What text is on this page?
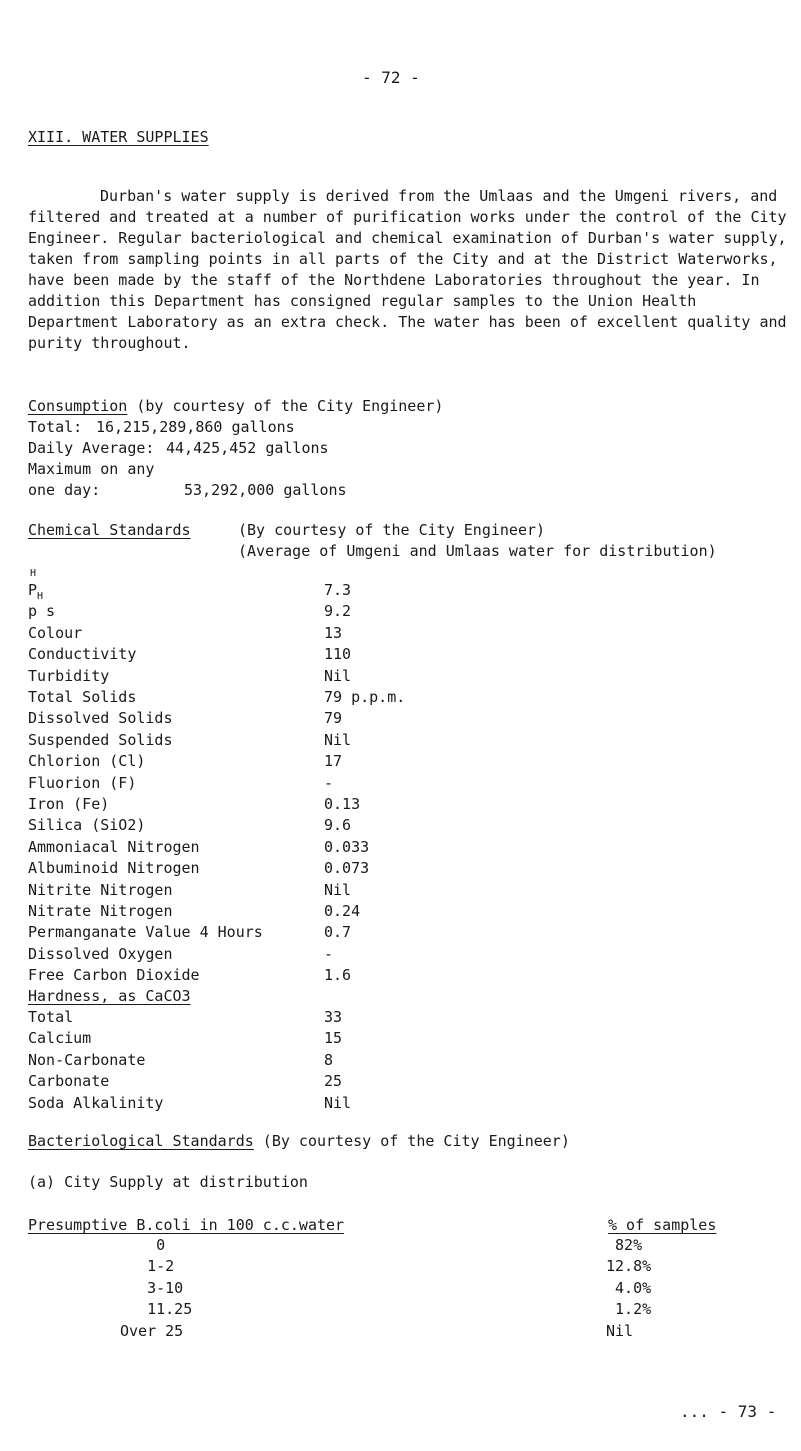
- 72 -
XIII. WATER SUPPLIES
Durban's water supply is derived from the Umlaas and the Umgeni rivers, and filtered and treated at a number of purification works under the control of the City Engineer. Regular bacteriological and chemical examination of Durban's water supply, taken from sampling points in all parts of the City and at the District Waterworks, have been made by the staff of the Northdene Laboratories throughout the year. In addition this Department has consigned regular samples to the Union Health Department Laboratory as an extra check. The water has been of excellent quality and purity throughout.
Consumption (by courtesy of the City Engineer)
Total: 16,215,289,860 gallons
Daily Average: 44,425,452 gallons
Maximum on any
one day:	53,292,000 gallons
Chemical Standards	(By courtesy of the City Engineer)
(Average of Umgeni and Umlaas water for distribution)
H
$P_H$	7.3
p s	9.2
Colour	13
Conductivity	110
Turbidity	Nil
Total Solids	79 p.p.m.
Dissolved Solids	79
Suspended Solids	Nil
Chlorion (Cl)	17
Fluorion (F)	-
Iron (Fe)	0.13
Silica (SiO2)	9.6
Ammoniacal Nitrogen	0.033
Albuminoid Nitrogen	0.073
Nitrite Nitrogen	Nil
Nitrate Nitrogen	0.24
Permanganate Value 4 Hours	0.7
Dissolved Oxygen	-
Free Carbon Dioxide	1.6
Hardness, as CaCO3
Total	33
Calcium	15
Non-Carbonate	8
Carbonate	25
Soda Alkalinity	Nil
Bacteriological Standards (By courtesy of the City Engineer)
(a) City Supply at distribution
Presumptive B.coli in 100 c.c.water	% of samples
0	82%
1-2	12.8%
3-10	4.0%
11.25	1.2%
Over 25	Nil
... - 73 -
